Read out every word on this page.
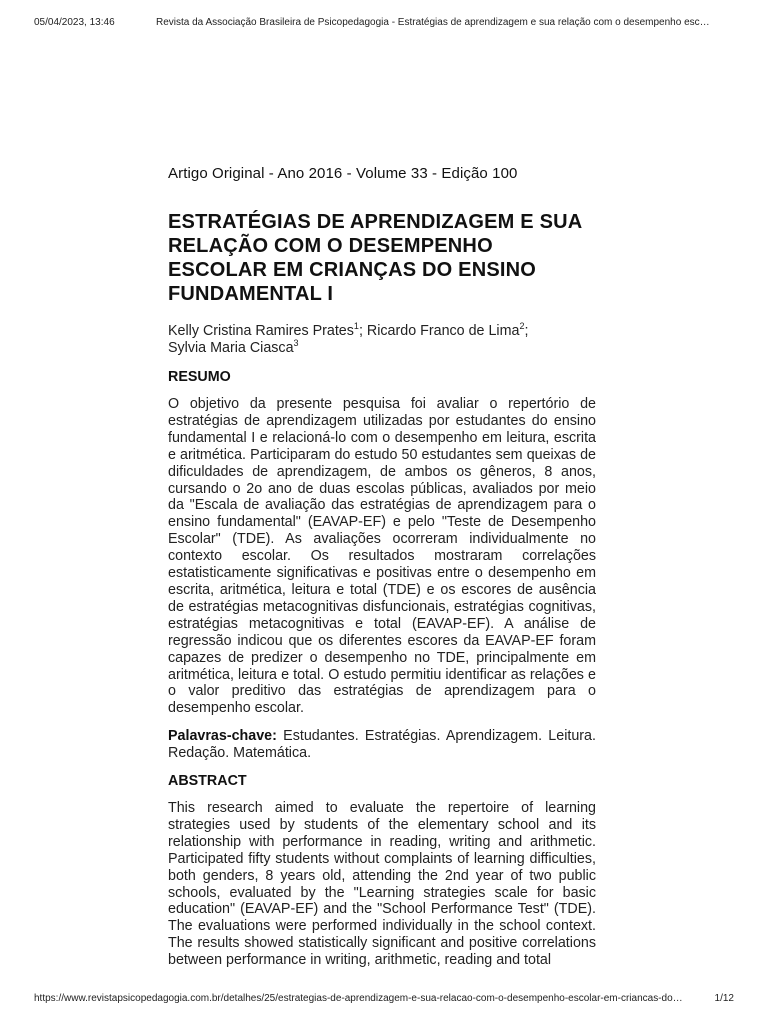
05/04/2023, 13:46	Revista da Associação Brasileira de Psicopedagogia - Estratégias de aprendizagem e sua relação com o desempenho esc…
Artigo Original - Ano 2016 - Volume 33 - Edição 100
ESTRATÉGIAS DE APRENDIZAGEM E SUA RELAÇÃO COM O DESEMPENHO ESCOLAR EM CRIANÇAS DO ENSINO FUNDAMENTAL I
Kelly Cristina Ramires Prates$^1$; Ricardo Franco de Lima$^2$;
Sylvia Maria Ciasca$^3$
RESUMO

O objetivo da presente pesquisa foi avaliar o repertório de estratégias de aprendizagem utilizadas por estudantes do ensino fundamental I e relacioná-lo com o desempenho em leitura, escrita e aritmética. Participaram do estudo 50 estudantes sem queixas de dificuldades de aprendizagem, de ambos os gêneros, 8 anos, cursando o 2o ano de duas escolas públicas, avaliados por meio da "Escala de avaliação das estratégias de aprendizagem para o ensino fundamental" (EAVAP-EF) e pelo "Teste de Desempenho Escolar" (TDE). As avaliações ocorreram individualmente no contexto escolar. Os resultados mostraram correlações estatisticamente significativas e positivas entre o desempenho em escrita, aritmética, leitura e total (TDE) e os escores de ausência de estratégias metacognitivas disfuncionais, estratégias cognitivas, estratégias metacognitivas e total (EAVAP-EF). A análise de regressão indicou que os diferentes escores da EAVAP-EF foram capazes de predizer o desempenho no TDE, principalmente em aritmética, leitura e total. O estudo permitiu identificar as relações e o valor preditivo das estratégias de aprendizagem para o desempenho escolar.

Palavras-chave: Estudantes. Estratégias. Aprendizagem. Leitura. Redação. Matemática.

ABSTRACT

This research aimed to evaluate the repertoire of learning strategies used by students of the elementary school and its relationship with performance in reading, writing and arithmetic. Participated fifty students without complaints of learning difficulties, both genders, 8 years old, attending the 2nd year of two public schools, evaluated by the "Learning strategies scale for basic education" (EAVAP-EF) and the "School Performance Test" (TDE). The evaluations were performed individually in the school context. The results showed statistically significant and positive correlations between performance in writing, arithmetic, reading and total

https://www.revistapsicopedagogia.com.br/detalhes/25/estrategias-de-aprendizagem-e-sua-relacao-com-o-desempenho-escolar-em-criancas-do…	1/12
